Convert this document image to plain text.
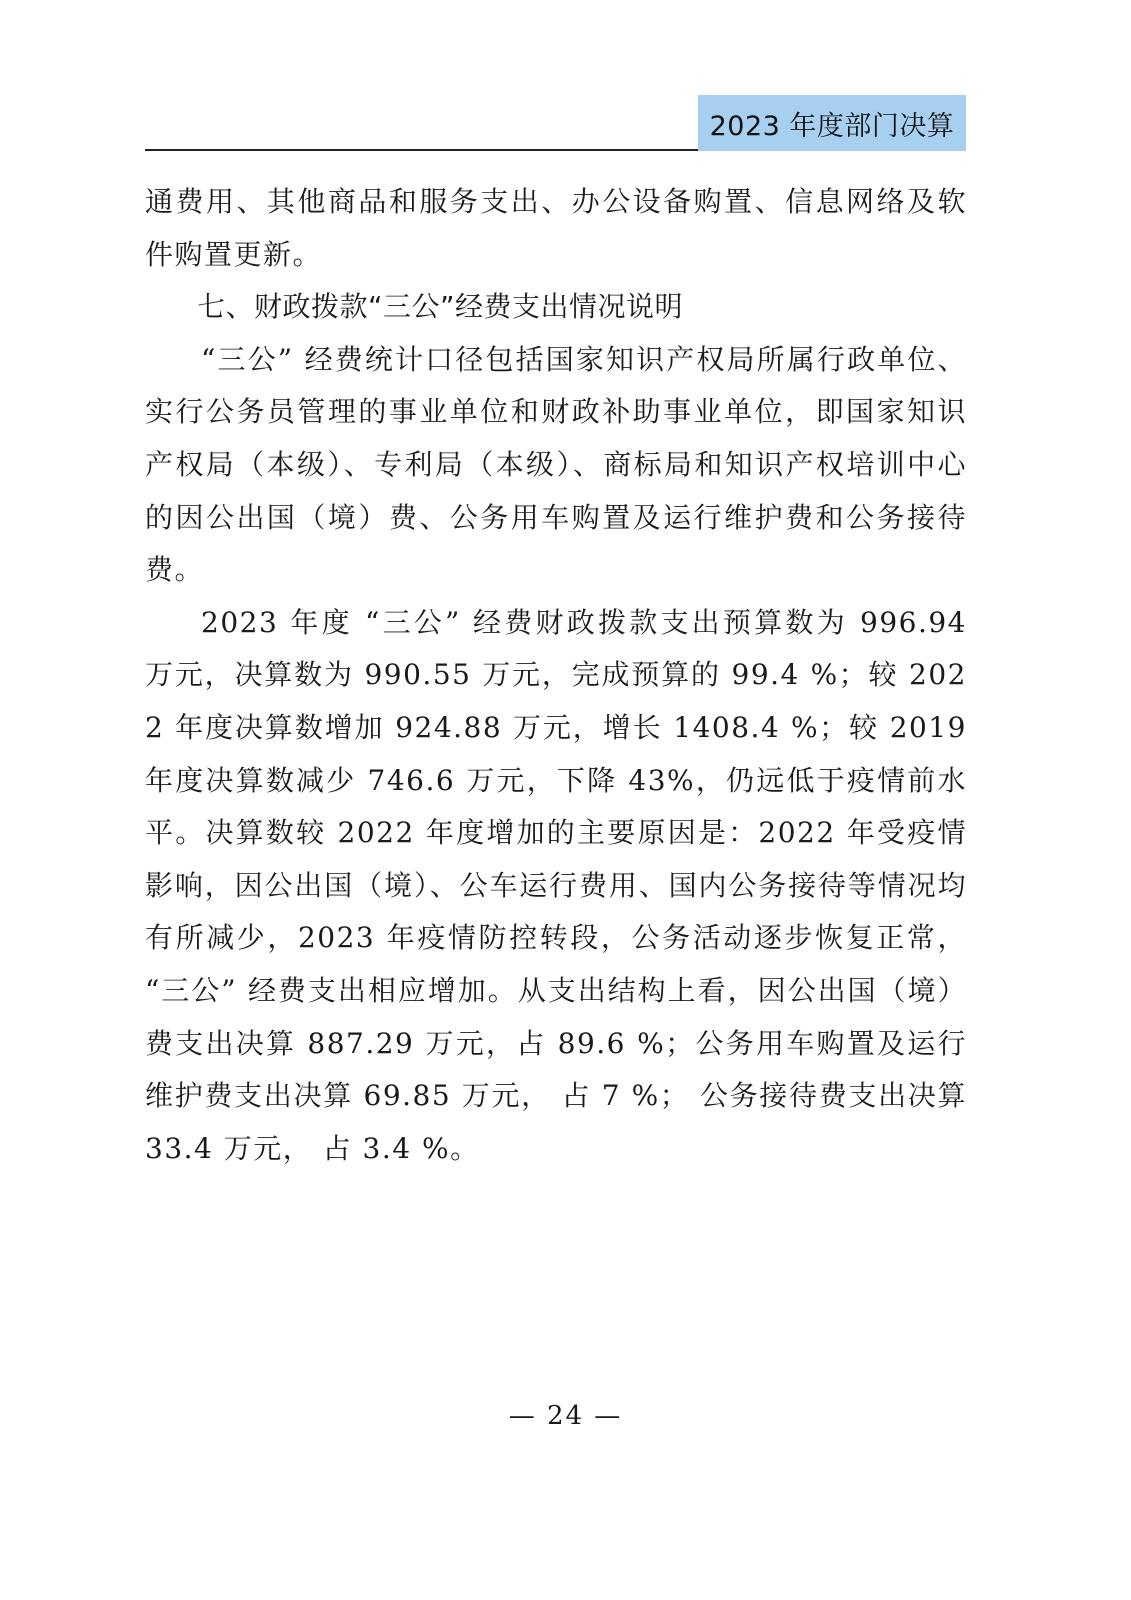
2023 年度部门决算

通费用、其他商品和服务支出、办公设备购置、信息网络及软件购置更新。

七、财政拨款“三公”经费支出情况说明

“三公” 经费统计口径包括国家知识产权局所属行政单位、实行公务员管理的事业单位和财政补助事业单位，即国家知识产权局（本级）、专利局（本级）、商标局和知识产权培训中心的因公出国（境）费、公务用车购置及运行维护费和公务接待费。

2023 年度 “三公” 经费财政拨款支出预算数为 996.94 万元，决算数为 990.55 万元，完成预算的 99.4 %；较 2022 年度决算数增加 924.88 万元，增长 1408.4 %；较 2019 年度决算数减少 746.6 万元，下降 43%，仍远低于疫情前水平。决算数较 2022 年度增加的主要原因是：2022 年受疫情影响，因公出国（境）、公车运行费用、国内公务接待等情况均有所减少，2023 年疫情防控转段，公务活动逐步恢复正常， “三公” 经费支出相应增加。从支出结构上看，因公出国（境）费支出决算 887.29 万元，占 89.6 %；公务用车购置及运行维护费支出决算 69.85 万元， 占 7 %； 公务接待费支出决算 33.4 万元， 占 3.4 %。

— 24 —
